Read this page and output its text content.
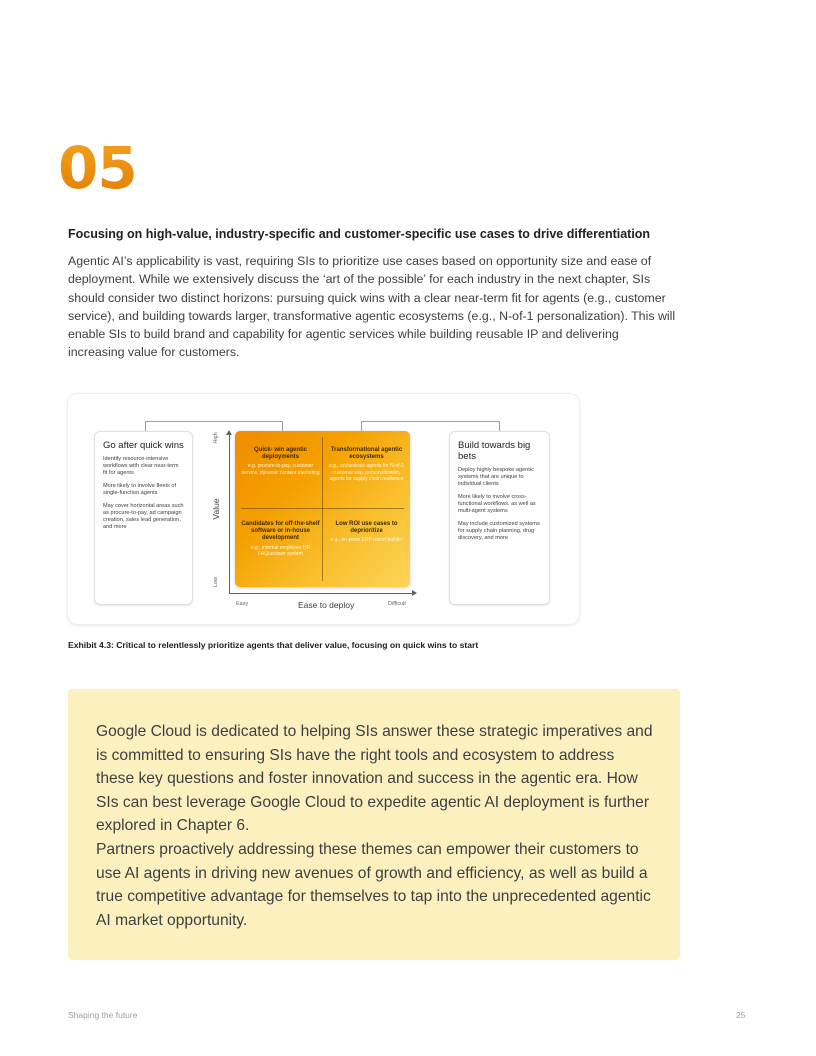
05
Focusing on high-value, industry-specific and customer-specific use cases to drive differentiation

Agentic AI’s applicability is vast, requiring SIs to prioritize use cases based on opportunity size and ease of deployment. While we extensively discuss the ‘art of the possible’ for each industry in the next chapter, SIs should consider two distinct horizons: pursuing quick wins with a clear near-term fit for agents (e.g., customer service), and building towards larger, transformative agentic ecosystems (e.g., N-of-1 personalization). This will enable SIs to build brand and capability for agentic services while building reusable IP and delivering increasing value for customers.

Go after quick wins
Identify resource-intensive workflows with clear near-term fit for agents
More likely to involve fleets of single-function agents
May cover horizontal areas such as procure-to-pay, ad campaign creation, sales lead generation, and more
Build towards big bets
Deploy highly bespoke agentic systems that are unique to individual clients
More likely to involve cross-functional workflows, as well as multi-agent systems
May include customized systems for supply chain planning, drug discovery, and more
High
Value
Low
Easy	Ease to deploy	Difficult
Quick- win agentic deployments
e.g. procure-to-pay, customer service, dynamic content marketing
Transformational agentic ecosystems
e.g., orchestrate agents for N-of-1 customer exp. personalization, agents for supply chain resilience
Candidates for off-the-shelf software or in-house development
e.g., internal employee HR FAQ/answer system
Low ROI use cases to deprioritize
e.g., on-prem ERP report builder
Exhibit 4.3: Critical to relentlessly prioritize agents that deliver value, focusing on quick wins to start

Google Cloud is dedicated to helping SIs answer these strategic imperatives and is committed to ensuring SIs have the right tools and ecosystem to address these key questions and foster innovation and success in the agentic era. How SIs can best leverage Google Cloud to expedite agentic AI deployment is further explored in Chapter 6.

Partners proactively addressing these themes can empower their customers to use AI agents in driving new avenues of growth and efficiency, as well as build a true competitive advantage for themselves to tap into the unprecedented agentic AI market opportunity.

Shaping the future	25
